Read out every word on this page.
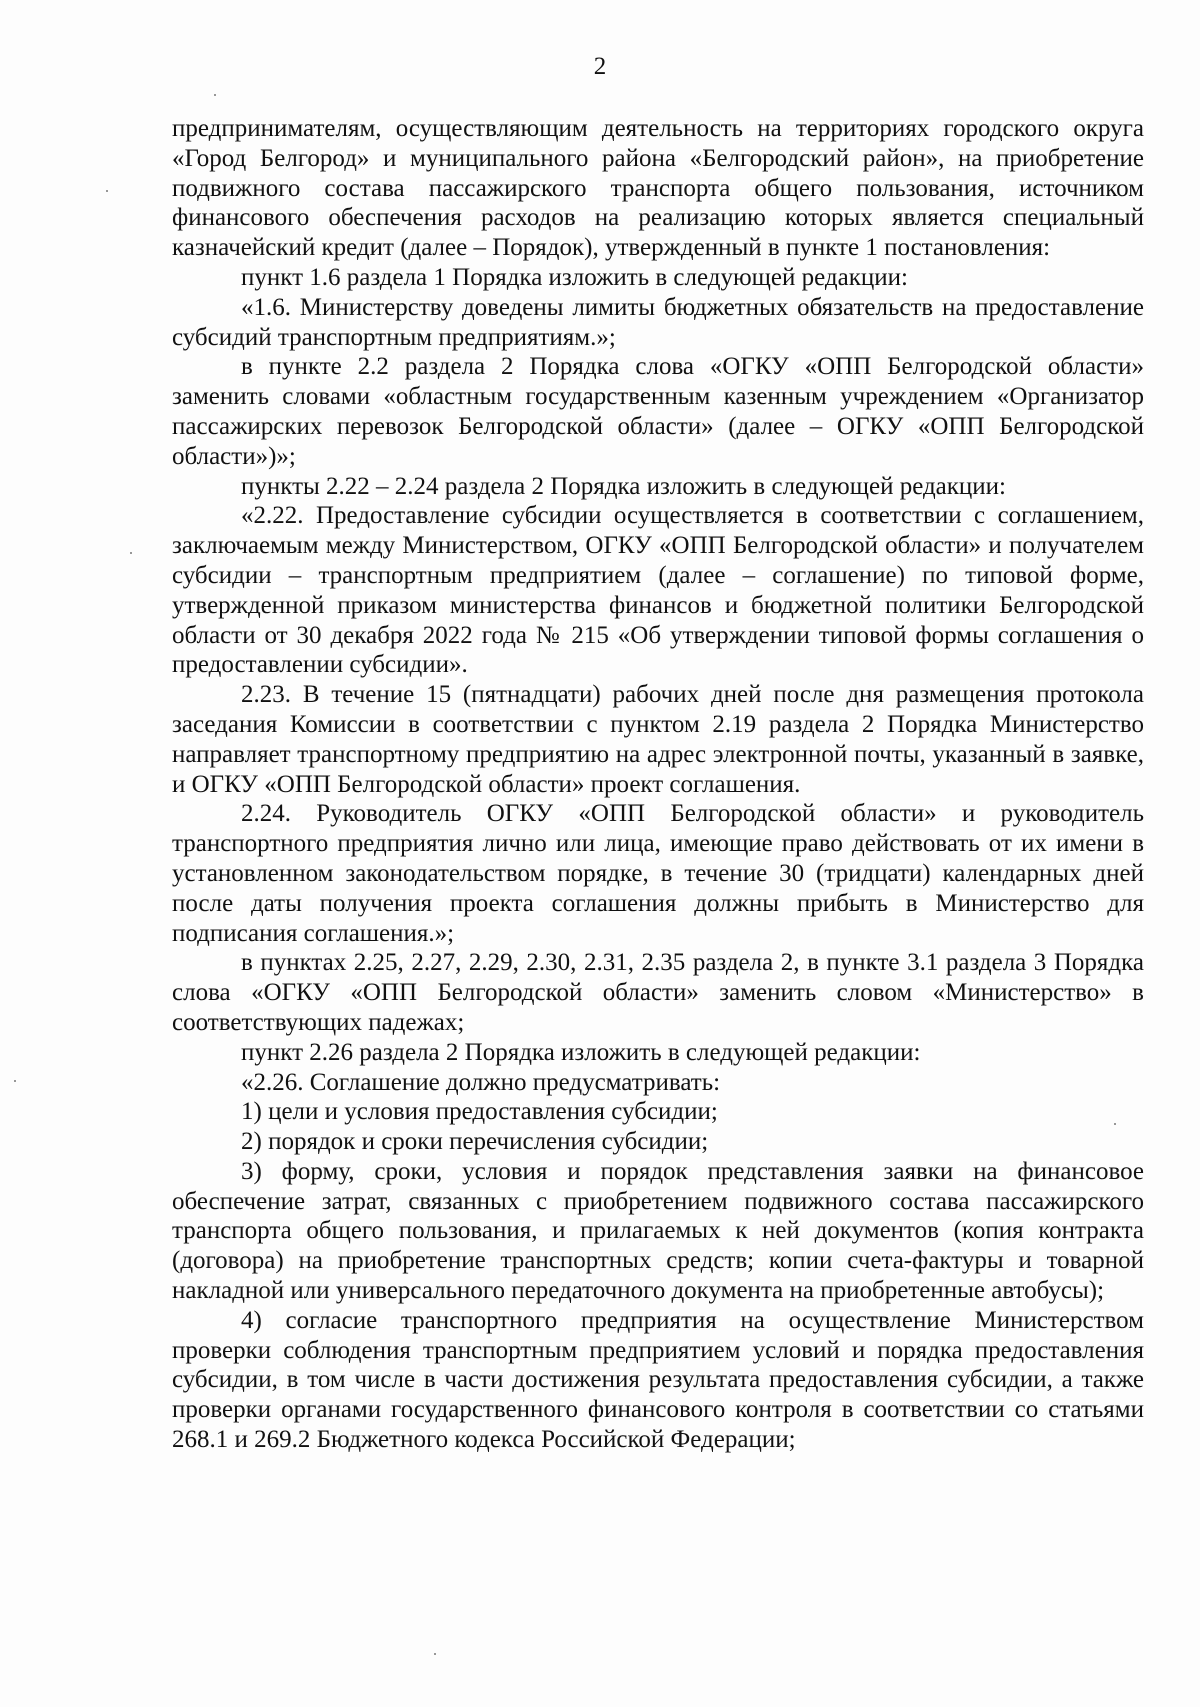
2

предпринимателям, осуществляющим деятельность на территориях городского округа «Город Белгород» и муниципального района «Белгородский район», на приобретение подвижного состава пассажирского транспорта общего пользования, источником финансового обеспечения расходов на реализацию которых является специальный казначейский кредит (далее – Порядок), утвержденный в пункте 1 постановления:

пункт 1.6 раздела 1 Порядка изложить в следующей редакции:

«1.6. Министерству доведены лимиты бюджетных обязательств на предоставление субсидий транспортным предприятиям.»;

в пункте 2.2 раздела 2 Порядка слова «ОГКУ «ОПП Белгородской области» заменить словами «областным государственным казенным учреждением «Организатор пассажирских перевозок Белгородской области» (далее – ОГКУ «ОПП Белгородской области»)»;

пункты 2.22 – 2.24 раздела 2 Порядка изложить в следующей редакции:

«2.22. Предоставление субсидии осуществляется в соответствии с соглашением, заключаемым между Министерством, ОГКУ «ОПП Белгородской области» и получателем субсидии – транспортным предприятием (далее – соглашение) по типовой форме, утвержденной приказом министерства финансов и бюджетной политики Белгородской области от 30 декабря 2022 года № 215 «Об утверждении типовой формы соглашения о предоставлении субсидии».

2.23. В течение 15 (пятнадцати) рабочих дней после дня размещения протокола заседания Комиссии в соответствии с пунктом 2.19 раздела 2 Порядка Министерство направляет транспортному предприятию на адрес электронной почты, указанный в заявке, и ОГКУ «ОПП Белгородской области» проект соглашения.

2.24. Руководитель ОГКУ «ОПП Белгородской области» и руководитель транспортного предприятия лично или лица, имеющие право действовать от их имени в установленном законодательством порядке, в течение 30 (тридцати) календарных дней после даты получения проекта соглашения должны прибыть в Министерство для подписания соглашения.»;

в пунктах 2.25, 2.27, 2.29, 2.30, 2.31, 2.35 раздела 2, в пункте 3.1 раздела 3 Порядка слова «ОГКУ «ОПП Белгородской области» заменить словом «Министерство» в соответствующих падежах;

пункт 2.26 раздела 2 Порядка изложить в следующей редакции:

«2.26. Соглашение должно предусматривать:

1) цели и условия предоставления субсидии;

2) порядок и сроки перечисления субсидии;

3) форму, сроки, условия и порядок представления заявки на финансовое обеспечение затрат, связанных с приобретением подвижного состава пассажирского транспорта общего пользования, и прилагаемых к ней документов (копия контракта (договора) на приобретение транспортных средств; копии счета-фактуры и товарной накладной или универсального передаточного документа на приобретенные автобусы);

4) согласие транспортного предприятия на осуществление Министерством проверки соблюдения транспортным предприятием условий и порядка предоставления субсидии, в том числе в части достижения результата предоставления субсидии, а также проверки органами государственного финансового контроля в соответствии со статьями 268.1 и 269.2 Бюджетного кодекса Российской Федерации;
